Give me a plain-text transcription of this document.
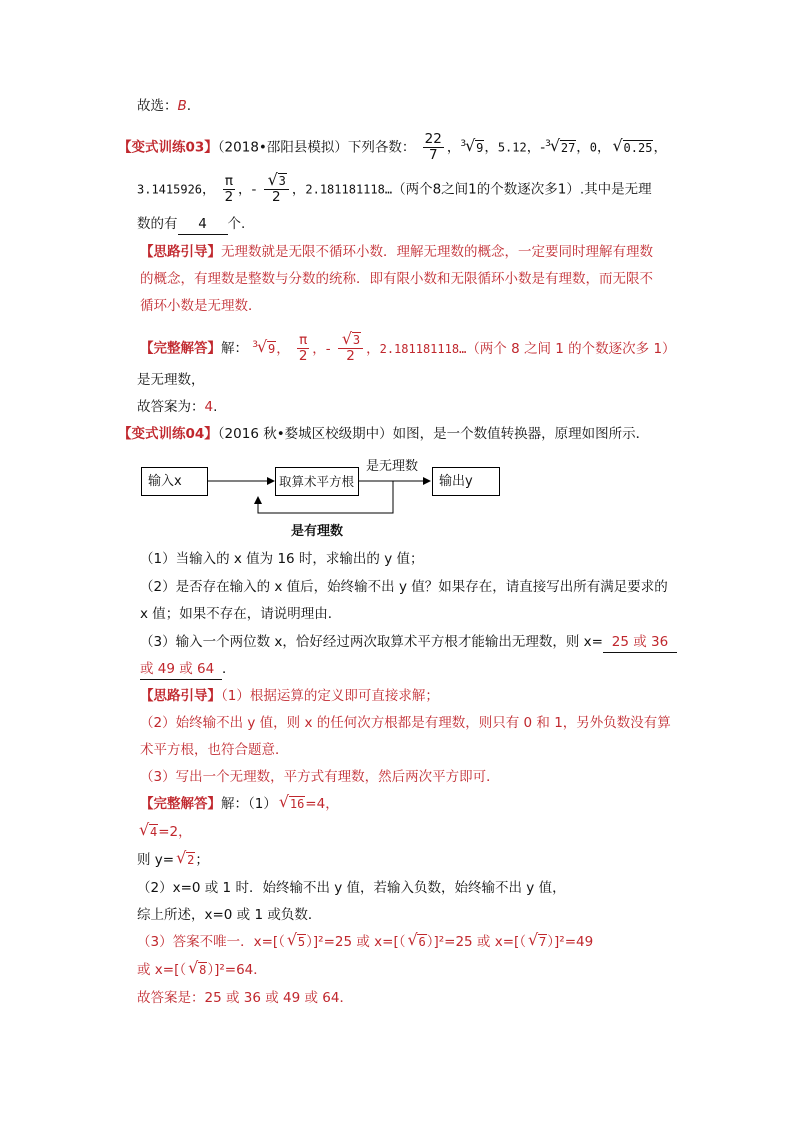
故选：B.
【变式训练03】（2018•邵阳县模拟）下列各数： $\frac{22}{7}$ ，$^3$ √ 9，5.12，-$^3$ √ 27，0， √ 0.25，
3.1415926， $\frac{\pi}{2}$ ，- $\frac{√ 3}{2}$ ，2.181181118…（两个8之间1的个数逐次多1）.其中是无理
数的有 4 个.
【思路引导】无理数就是无限不循环小数．理解无理数的概念，一定要同时理解有理数
的概念，有理数是整数与分数的统称．即有限小数和无限循环小数是有理数，而无限不
循环小数是无理数．
【完整解答】解： $^3$ √ 9， $\frac{\pi}{2}$ ，- $\frac{√ 3}{2}$ ，2.181181118…（两个 8 之间 1 的个数逐次多 1）
是无理数，
故答案为：4.
【变式训练04】（2016 秋•婺城区校级期中）如图，是一个数值转换器，原理如图所示．
输入x	取算术平方根	输出y
是无理数
是有理数
（1）当输入的 x 值为 16 时，求输出的 y 值；
（2）是否存在输入的 x 值后，始终输不出 y 值？如果存在，请直接写出所有满足要求的
x 值；如果不存在，请说明理由．
（3）输入一个两位数 x，恰好经过两次取算术平方根才能输出无理数，则 x= 25 或 36
或 49 或 64 ．
【思路引导】（1）根据运算的定义即可直接求解；
（2）始终输不出 y 值，则 x 的任何次方根都是有理数，则只有 0 和 1，另外负数没有算
术平方根，也符合题意．
（3）写出一个无理数，平方式有理数，然后两次平方即可．
【完整解答】解：（1） √ 16=4，
√ 4=2，
则 y= √ 2；
（2）x=0 或 1 时．始终输不出 y 值，若输入负数，始终输不出 y 值，
综上所述，x=0 或 1 或负数．
（3）答案不唯一．x=[（ √ 5）]²=25 或 x=[（ √ 6）]²=25 或 x=[（ √ 7）]²=49
或 x=[（ √ 8）]²=64．
故答案是：25 或 36 或 49 或 64．
